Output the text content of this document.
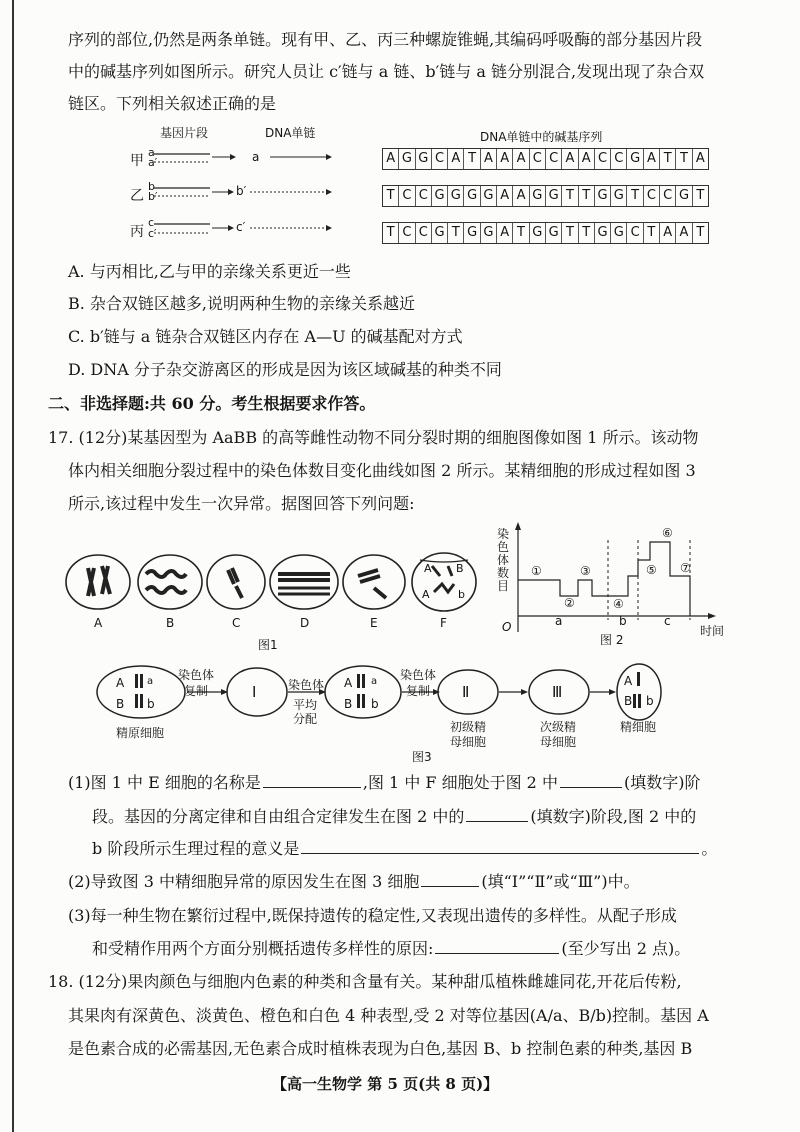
序列的部位,仍然是两条单链。现有甲、乙、丙三种螺旋锥蝇,其编码呼吸酶的部分基因片段
中的碱基序列如图所示。研究人员让 c′链与 a 链、b′链与 a 链分别混合,发现出现了杂合双
链区。下列相关叙述正确的是
基因片段	DNA单链	DNA单链中的碱基序列
甲
a
a′	a
乙
b
b′	b′
丙
c
c′	c′
A G G C A T A A A C C A A C C G A T T A
T C C G G G G A A G G T T G G T C C G T
T C C G T G G A T G G T T G G C T A A T
A. 与丙相比,乙与甲的亲缘关系更近一些
B. 杂合双链区越多,说明两种生物的亲缘关系越近
C. b′链与 a 链杂合双链区内存在 A—U 的碱基配对方式
D. DNA 分子杂交游离区的形成是因为该区域碱基的种类不同
二、非选择题:共 60 分。考生根据要求作答。
17. (12分)某基因型为 AaBB 的高等雌性动物不同分裂时期的细胞图像如图 1 所示。该动物
体内相关细胞分裂过程中的染色体数目变化曲线如图 2 所示。某精细胞的形成过程如图 3
所示,该过程中发生一次异常。据图回答下列问题:
A B
A	b
A	B	C	D	E	F
图1
染
色
体
数
目
O	时间
a	b	c
图 2
①
②
③
④
⑤
⑥
⑦
A a
B b
染色体
复制	Ⅰ	染色体
平均
分配
A a
B b
染色体
复制 Ⅱ	Ⅲ
A
B b
精原细胞	初级精
母细胞
次级精
母细胞
精细胞
图3
(1)图 1 中 E 细胞的名称是	,图 1 中 F 细胞处于图 2 中	(填数字)阶
段。基因的分离定律和自由组合定律发生在图 2 中的	(填数字)阶段,图 2 中的
b 阶段所示生理过程的意义是	。
(2)导致图 3 中精细胞异常的原因发生在图 3 细胞	(填“Ⅰ”“Ⅱ”或“Ⅲ”)中。
(3)每一种生物在繁衍过程中,既保持遗传的稳定性,又表现出遗传的多样性。从配子形成
和受精作用两个方面分别概括遗传多样性的原因:	(至少写出 2 点)。
18. (12分)果肉颜色与细胞内色素的种类和含量有关。某种甜瓜植株雌雄同花,开花后传粉,
其果肉有深黄色、淡黄色、橙色和白色 4 种表型,受 2 对等位基因(A/a、B/b)控制。基因 A
是色素合成的必需基因,无色素合成时植株表现为白色,基因 B、b 控制色素的种类,基因 B
【高一生物学 第 5 页(共 8 页)】
